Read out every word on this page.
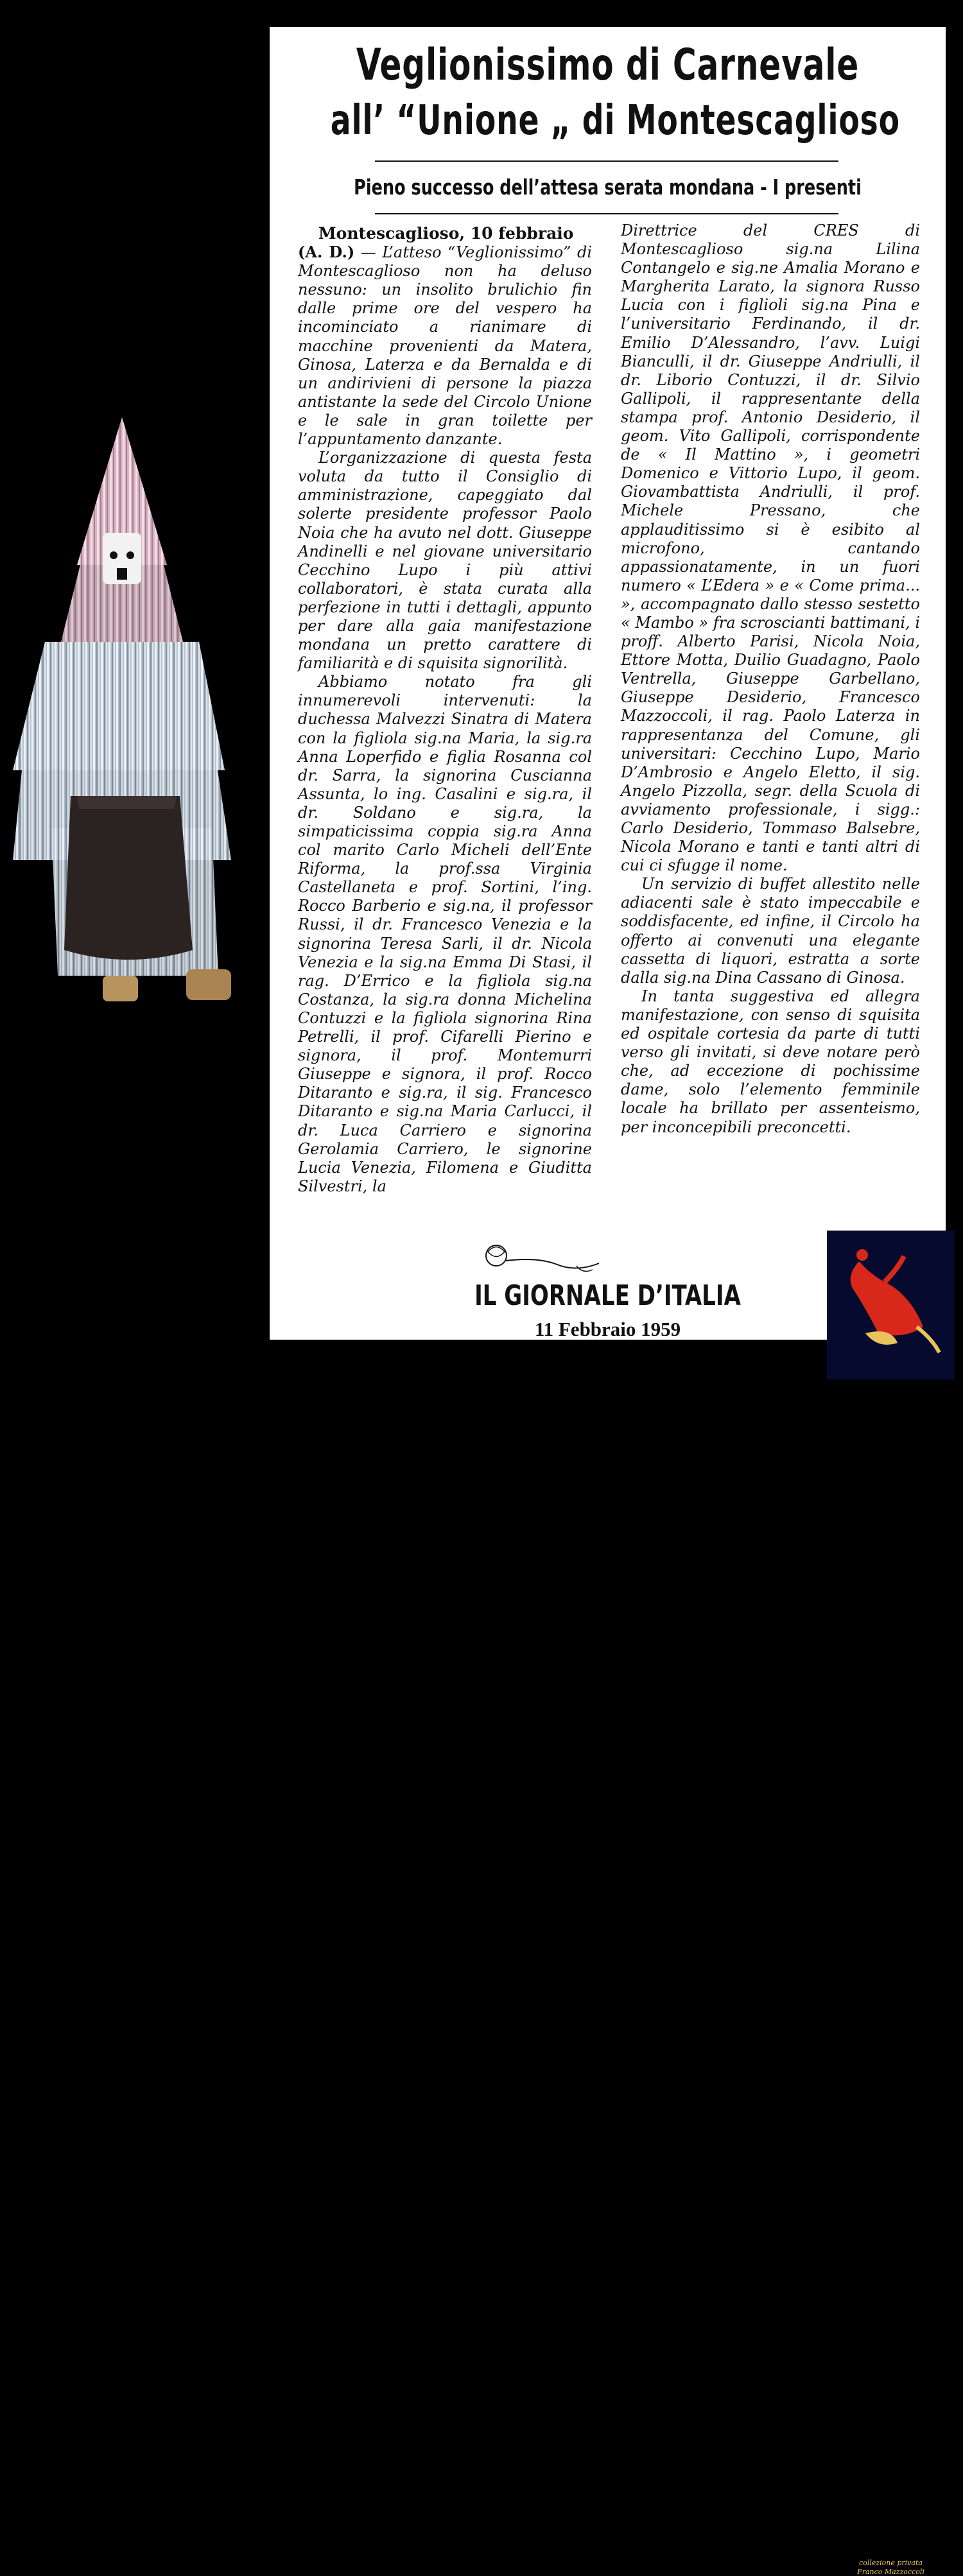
Veglionissimo di Carnevale
all’ “Unione „ di Montescaglioso
Pieno successo dell’attesa serata mondana - I presenti
Montescaglioso, 10 febbraio

(A. D.) — L’atteso “Veglionissimo” di Montescaglioso non ha deluso nessuno: un insolito brulichio fin dalle prime ore del vespero ha incominciato a rianimare di macchine provenienti da Matera, Ginosa, Laterza e da Bernalda e di un andirivieni di persone la piazza antistante la sede del Circolo Unione e le sale in gran toilette per l’appuntamento danzante.

L’organizzazione di questa festa voluta da tutto il Consiglio di amministrazione, capeggiato dal solerte presidente professor Paolo Noia che ha avuto nel dott. Giuseppe Andinelli e nel giovane universitario Cecchino Lupo i più attivi collaboratori, è stata curata alla perfezione in tutti i dettagli, appunto per dare alla gaia manifestazione mondana un pretto carattere di familiarità e di squisita signorilità.

Abbiamo notato fra gli innumerevoli intervenuti: la duchessa Malvezzi Sinatra di Matera con la figliola sig.na Maria, la sig.ra Anna Loperfido e figlia Rosanna col dr. Sarra, la signorina Cuscianna Assunta, lo ing. Casalini e sig.ra, il dr. Soldano e sig.ra, la simpaticissima coppia sig.ra Anna col marito Carlo Micheli dell’Ente Riforma, la prof.ssa Virginia Castellaneta e prof. Sortini, l’ing. Rocco Barberio e sig.na, il professor Russi, il dr. Francesco Venezia e la signorina Teresa Sarli, il dr. Nicola Venezia e la sig.na Emma Di Stasi, il rag. D’Errico e la figliola sig.na Costanza, la sig.ra donna Michelina Contuzzi e la figliola signorina Rina Petrelli, il prof. Cifarelli Pierino e signora, il prof. Montemurri Giuseppe e signora, il prof. Rocco Ditaranto e sig.ra, il sig. Francesco Ditaranto e sig.na Maria Carlucci, il dr. Luca Carriero e signorina Gerolamia Carriero, le signorine Lucia Venezia, Filomena e Giuditta Silvestri, la

Direttrice del CRES di Montescaglioso sig.na Lilina Contangelo e sig.ne Amalia Morano e Margherita Larato, la signora Russo Lucia con i figlioli sig.na Pina e l’universitario Ferdinando, il dr. Emilio D’Alessandro, l’avv. Luigi Bianculli, il dr. Giuseppe Andriulli, il dr. Liborio Contuzzi, il dr. Silvio Gallipoli, il rappresentante della stampa prof. Antonio Desiderio, il geom. Vito Gallipoli, corrispondente de « Il Mattino », i geometri Domenico e Vittorio Lupo, il geom. Giovambattista Andriulli, il prof. Michele Pressano, che applauditissimo si è esibito al microfono, cantando appassionatamente, in un fuori numero « L’Edera » e « Come prima... », accompagnato dallo stesso sestetto « Mambo » fra scroscianti battimani, i proff. Alberto Parisi, Nicola Noia, Ettore Motta, Duilio Guadagno, Paolo Ventrella, Giuseppe Garbellano, Giuseppe Desiderio, Francesco Mazzoccoli, il rag. Paolo Laterza in rappresentanza del Comune, gli universitari: Cecchino Lupo, Mario D’Ambrosio e Angelo Eletto, il sig. Angelo Pizzolla, segr. della Scuola di avviamento professionale, i sigg.: Carlo Desiderio, Tommaso Balsebre, Nicola Morano e tanti e tanti altri di cui ci sfugge il nome.

Un servizio di buffet allestito nelle adiacenti sale è stato impeccabile e soddisfacente, ed infine, il Circolo ha offerto ai convenuti una elegante cassetta di liquori, estratta a sorte dalla sig.na Dina Cassano di Ginosa.

In tanta suggestiva ed allegra manifestazione, con senso di squisita ed ospitale cortesia da parte di tutti verso gli invitati, si deve notare però che, ad eccezione di pochissime dame, solo l’elemento femminile locale ha brillato per assenteismo, per inconcepibili preconcetti.

IL GIORNALE D’ITALIA
11 Febbraio 1959
collezione privata
Franco Mazzoccoli
